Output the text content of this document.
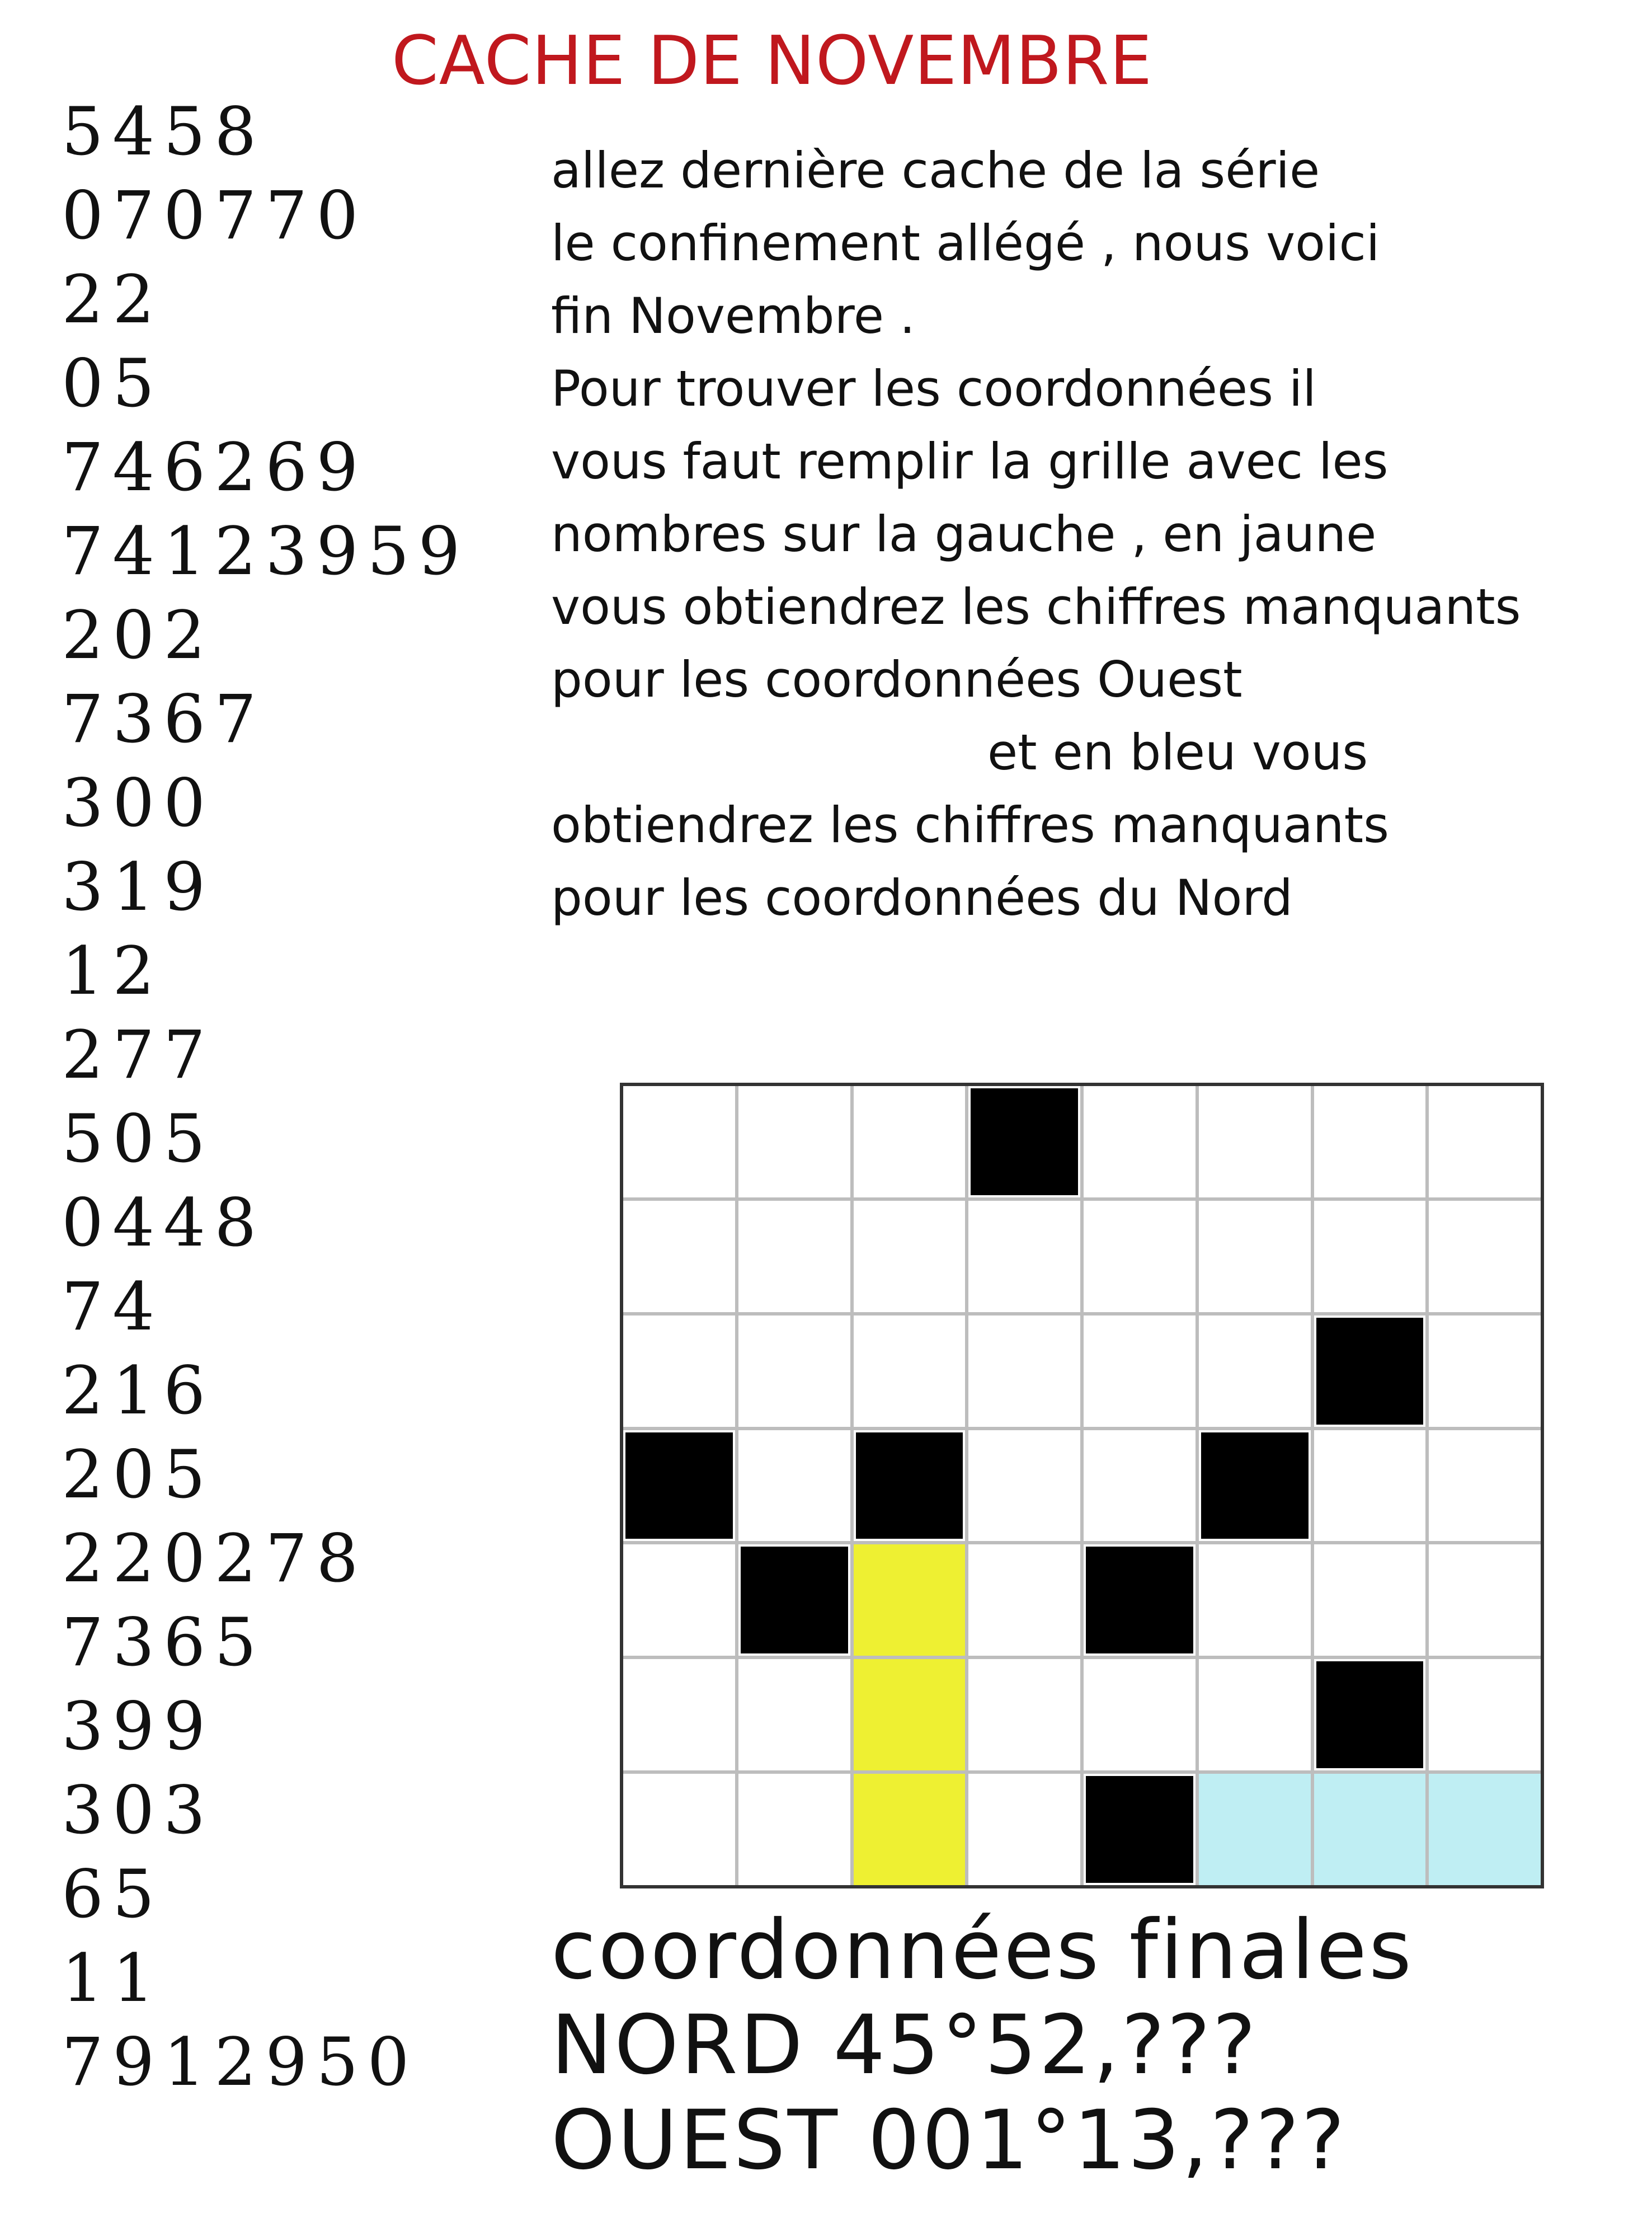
CACHE DE NOVEMBRE
5458
070770
22
05
746269
74123959
202
7367
300
319
12
277
505
0448
74
216
205
220278
7365
399
303
65
11
7912950
allez dernière cache de la série
le confinement allégé , nous voici
fin Novembre .
Pour trouver les coordonnées il
vous faut remplir la grille avec les
nombres sur la gauche , en jaune
vous obtiendrez les chiffres manquants
pour les coordonnées Ouest
et en bleu vous
obtiendrez les chiffres manquants
pour les coordonnées du Nord
coordonnées finales
NORD 45°52,???
OUEST 001°13,???
